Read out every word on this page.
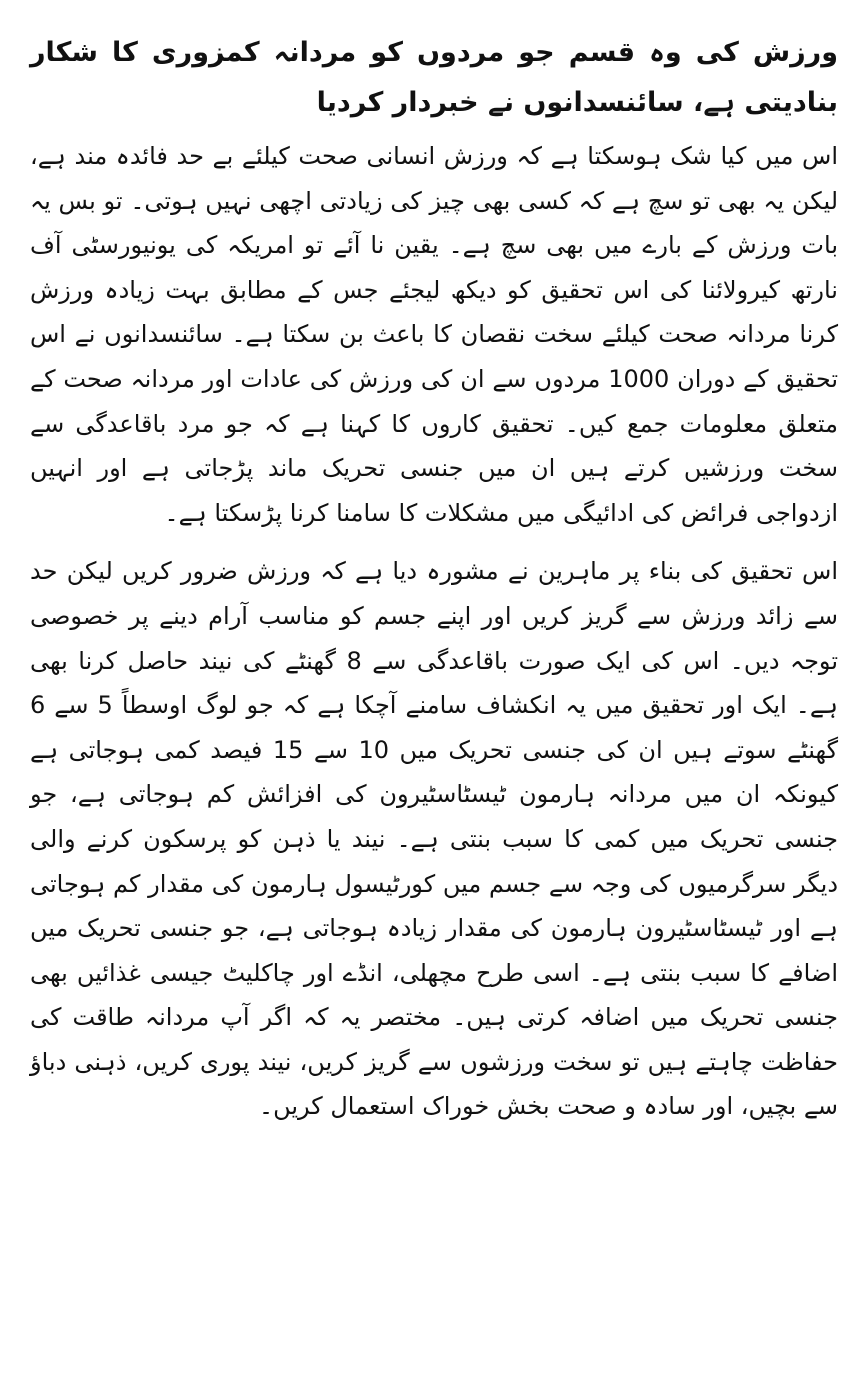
ورزش کی وہ قسم جو مردوں کو مردانہ کمزوری کا شکار بنادیتی ہے، سائنسدانوں نے خبردار کردیا

اس میں کیا شک ہوسکتا ہے کہ ورزش انسانی صحت کیلئے بے حد فائدہ مند ہے، لیکن یہ بھی تو سچ ہے کہ کسی بھی چیز کی زیادتی اچھی نہیں ہوتی۔ تو بس یہ بات ورزش کے بارے میں بھی سچ ہے۔ یقین نا آئے تو امریکہ کی یونیورسٹی آف نارتھ کیرولائنا کی اس تحقیق کو دیکھ لیجئے جس کے مطابق بہت زیادہ ورزش کرنا مردانہ صحت کیلئے سخت نقصان کا باعث بن سکتا ہے۔ سائنسدانوں نے اس تحقیق کے دوران 1000 مردوں سے ان کی ورزش کی عادات اور مردانہ صحت کے متعلق معلومات جمع کیں۔ تحقیق کاروں کا کہنا ہے کہ جو مرد باقاعدگی سے سخت ورزشیں کرتے ہیں ان میں جنسی تحریک ماند پڑجاتی ہے اور انہیں ازدواجی فرائض کی ادائیگی میں مشکلات کا سامنا کرنا پڑسکتا ہے۔

اس تحقیق کی بناء پر ماہرین نے مشورہ دیا ہے کہ ورزش ضرور کریں لیکن حد سے زائد ورزش سے گریز کریں اور اپنے جسم کو مناسب آرام دینے پر خصوصی توجہ دیں۔ اس کی ایک صورت باقاعدگی سے 8 گھنٹے کی نیند حاصل کرنا بھی ہے۔ ایک اور تحقیق میں یہ انکشاف سامنے آچکا ہے کہ جو لوگ اوسطاً 5 سے 6 گھنٹے سوتے ہیں ان کی جنسی تحریک میں 10 سے 15 فیصد کمی ہوجاتی ہے کیونکہ ان میں مردانہ ہارمون ٹیسٹاسٹیرون کی افزائش کم ہوجاتی ہے، جو جنسی تحریک میں کمی کا سبب بنتی ہے۔ نیند یا ذہن کو پرسکون کرنے والی دیگر سرگرمیوں کی وجہ سے جسم میں کورٹیسول ہارمون کی مقدار کم ہوجاتی ہے اور ٹیسٹاسٹیرون ہارمون کی مقدار زیادہ ہوجاتی ہے، جو جنسی تحریک میں اضافے کا سبب بنتی ہے۔ اسی طرح مچھلی، انڈے اور چاکلیٹ جیسی غذائیں بھی جنسی تحریک میں اضافہ کرتی ہیں۔ مختصر یہ کہ اگر آپ مردانہ طاقت کی حفاظت چاہتے ہیں تو سخت ورزشوں سے گریز کریں، نیند پوری کریں، ذہنی دباؤ سے بچیں، اور سادہ و صحت بخش خوراک استعمال کریں۔
